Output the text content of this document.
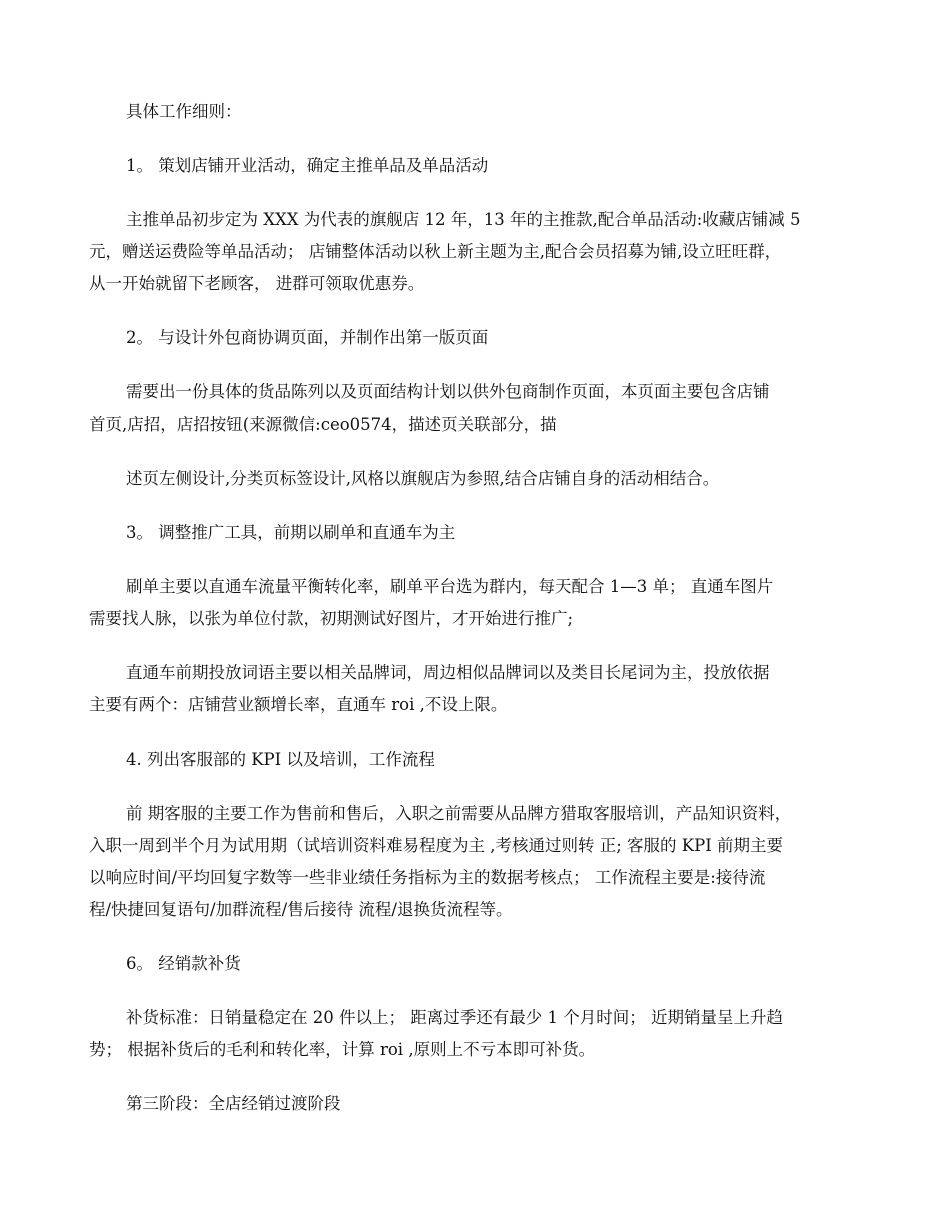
具体工作细则：
1。 策划店铺开业活动，确定主推单品及单品活动
主推单品初步定为 XXX 为代表的旗舰店 12 年，13 年的主推款,配合单品活动:收藏店铺减 5
元，赠送运费险等单品活动； 店铺整体活动以秋上新主题为主,配合会员招募为铺,设立旺旺群，
从一开始就留下老顾客， 进群可领取优惠券。
2。 与设计外包商协调页面，并制作出第一版页面
需要出一份具体的货品陈列以及页面结构计划以供外包商制作页面，本页面主要包含店铺
首页,店招，店招按钮(来源微信:ceo0574，描述页关联部分，描
述页左侧设计,分类页标签设计,风格以旗舰店为参照,结合店铺自身的活动相结合。
3。 调整推广工具，前期以刷单和直通车为主
刷单主要以直通车流量平衡转化率，刷单平台选为群内，每天配合 1—3 单； 直通车图片
需要找人脉，以张为单位付款，初期测试好图片，才开始进行推广;
直通车前期投放词语主要以相关品牌词，周边相似品牌词以及类目长尾词为主，投放依据
主要有两个：店铺营业额增长率，直通车 roi ,不设上限。
4. 列出客服部的 KPI 以及培训，工作流程
前 期客服的主要工作为售前和售后，入职之前需要从品牌方猎取客服培训，产品知识资料，
入职一周到半个月为试用期（试培训资料难易程度为主 ,考核通过则转 正; 客服的 KPI 前期主要
以响应时间/平均回复字数等一些非业绩任务指标为主的数据考核点； 工作流程主要是:接待流
程/快捷回复语句/加群流程/售后接待 流程/退换货流程等。
6。 经销款补货
补货标准：日销量稳定在 20 件以上； 距离过季还有最少 1 个月时间； 近期销量呈上升趋
势； 根据补货后的毛利和转化率，计算 roi ,原则上不亏本即可补货。
第三阶段：全店经销过渡阶段
